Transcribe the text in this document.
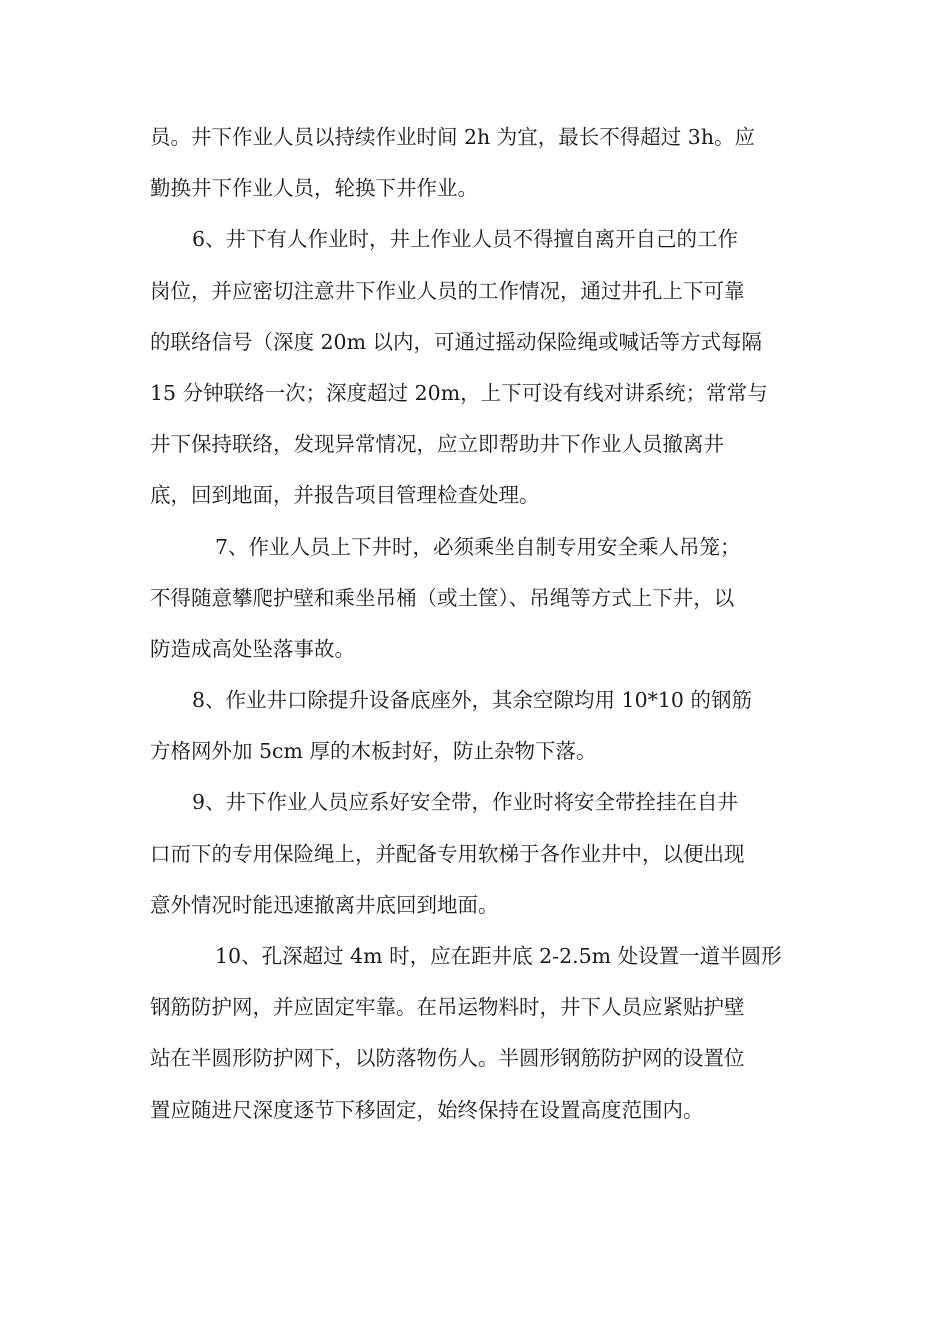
员。井下作业人员以持续作业时间 2h 为宜，最长不得超过 3h。应
勤换井下作业人员，轮换下井作业。
6、井下有人作业时，井上作业人员不得擅自离开自己的工作
岗位，并应密切注意井下作业人员的工作情况，通过井孔上下可靠
的联络信号（深度 20m 以内，可通过摇动保险绳或喊话等方式每隔
15 分钟联络一次；深度超过 20m，上下可设有线对讲系统；常常与
井下保持联络，发现异常情况，应立即帮助井下作业人员撤离井
底，回到地面，并报告项目管理检查处理。
7、作业人员上下井时，必须乘坐自制专用安全乘人吊笼；
不得随意攀爬护壁和乘坐吊桶（或土筐）、吊绳等方式上下井，以
防造成高处坠落事故。
8、作业井口除提升设备底座外，其余空隙均用 10*10 的钢筋
方格网外加 5cm 厚的木板封好，防止杂物下落。
9、井下作业人员应系好安全带，作业时将安全带拴挂在自井
口而下的专用保险绳上，并配备专用软梯于各作业井中，以便出现
意外情况时能迅速撤离井底回到地面。
10、孔深超过 4m 时，应在距井底 2-2.5m 处设置一道半圆形
钢筋防护网，并应固定牢靠。在吊运物料时，井下人员应紧贴护壁
站在半圆形防护网下，以防落物伤人。半圆形钢筋防护网的设置位
置应随进尺深度逐节下移固定，始终保持在设置高度范围内。
